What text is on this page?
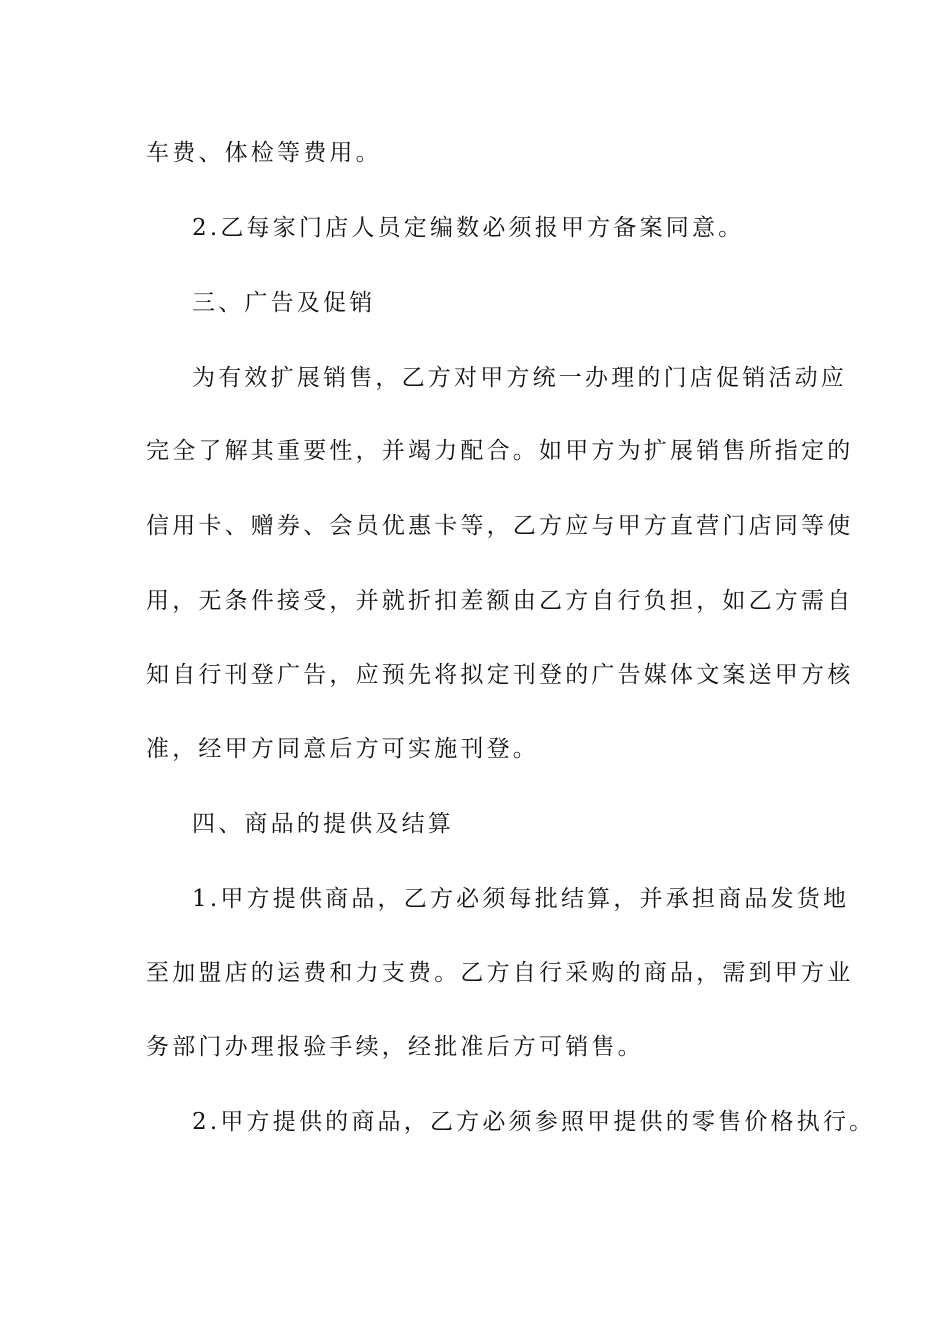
车费、体检等费用。
2.乙每家门店人员定编数必须报甲方备案同意。
三、广告及促销
为有效扩展销售，乙方对甲方统一办理的门店促销活动应
完全了解其重要性，并竭力配合。如甲方为扩展销售所指定的
信用卡、赠券、会员优惠卡等，乙方应与甲方直营门店同等使
用，无条件接受，并就折扣差额由乙方自行负担，如乙方需自
知自行刊登广告，应预先将拟定刊登的广告媒体文案送甲方核
准，经甲方同意后方可实施刊登。
四、商品的提供及结算
1.甲方提供商品，乙方必须每批结算，并承担商品发货地
至加盟店的运费和力支费。乙方自行采购的商品，需到甲方业
务部门办理报验手续，经批准后方可销售。
2.甲方提供的商品，乙方必须参照甲提供的零售价格执行。
